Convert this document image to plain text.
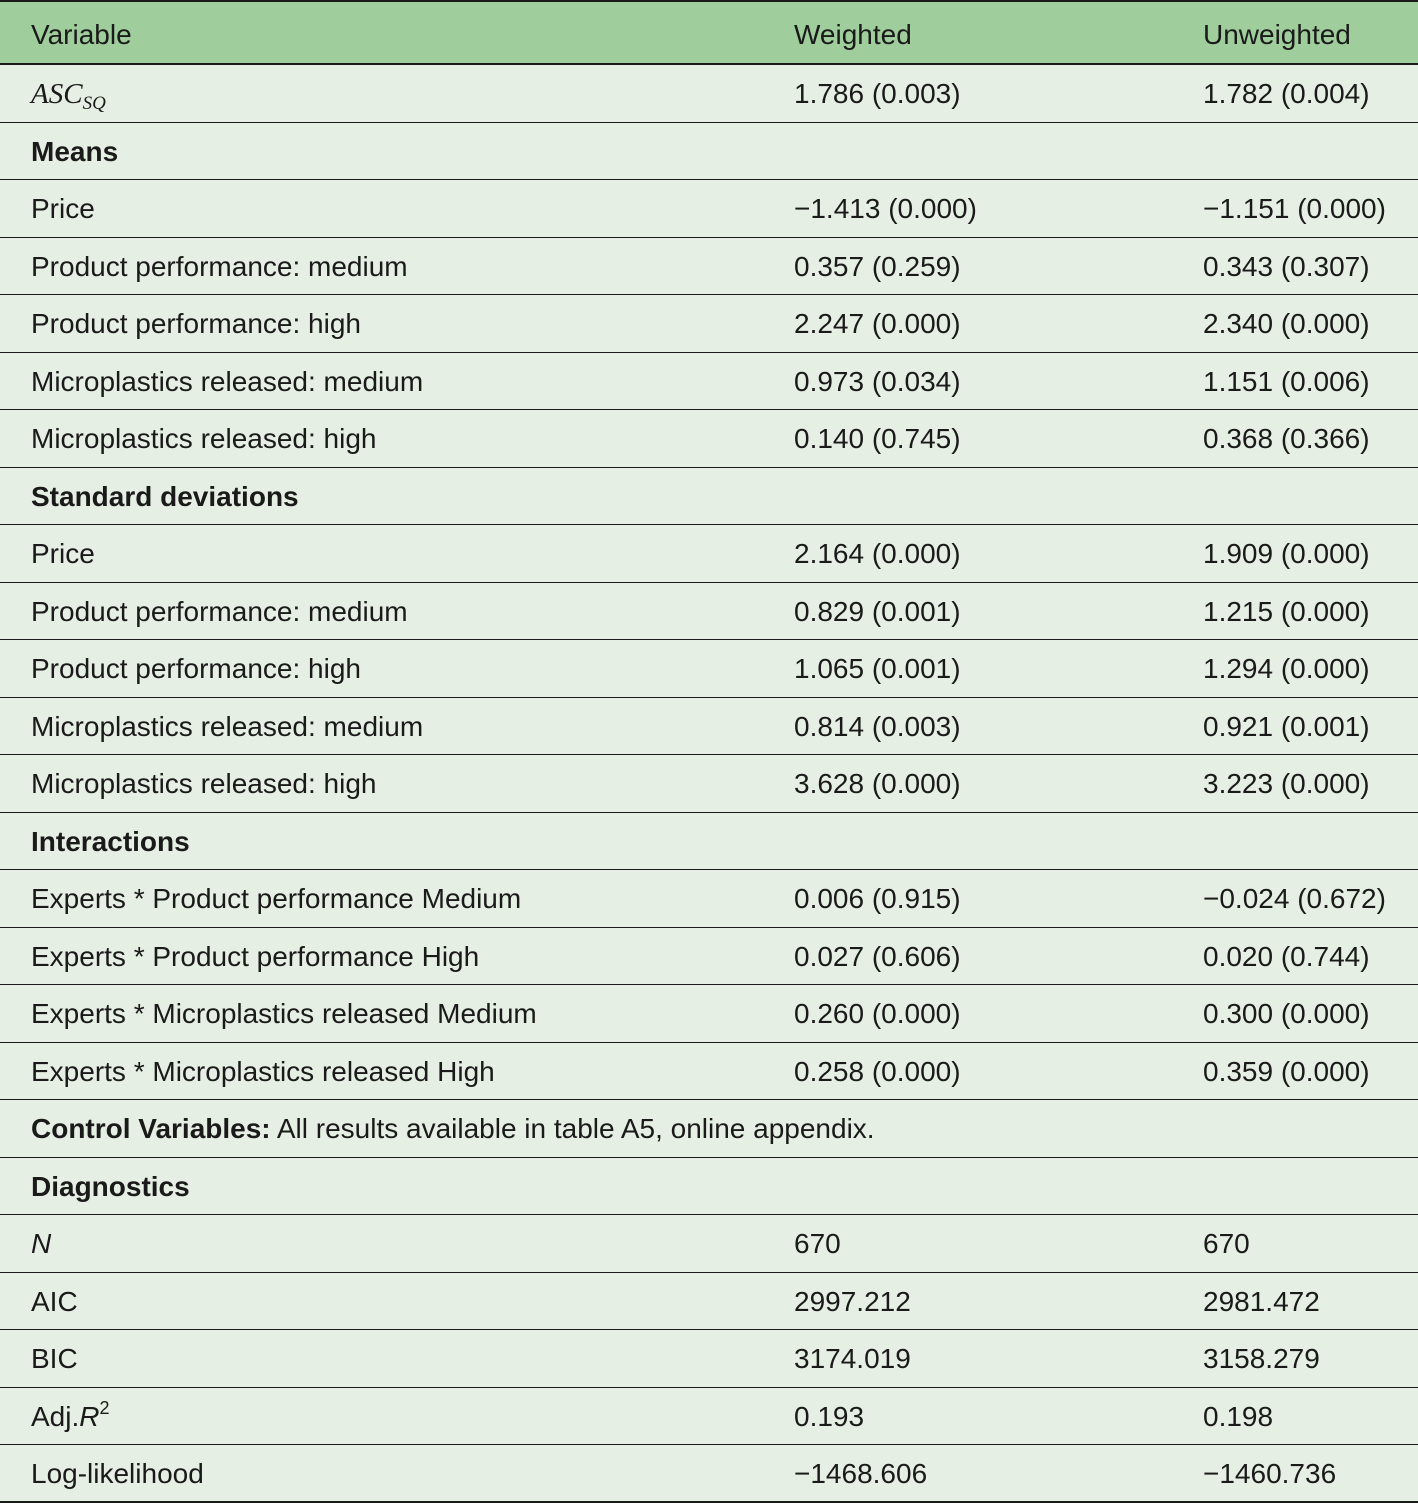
Variable	Weighted	Unweighted
$ASC_{SQ}$	1.786 (0.003)	1.782 (0.004)
Means
Price	−1.413 (0.000)	−1.151 (0.000)
Product performance: medium	0.357 (0.259)	0.343 (0.307)
Product performance: high	2.247 (0.000)	2.340 (0.000)
Microplastics released: medium	0.973 (0.034)	1.151 (0.006)
Microplastics released: high	0.140 (0.745)	0.368 (0.366)
Standard deviations
Price	2.164 (0.000)	1.909 (0.000)
Product performance: medium	0.829 (0.001)	1.215 (0.000)
Product performance: high	1.065 (0.001)	1.294 (0.000)
Microplastics released: medium	0.814 (0.003)	0.921 (0.001)
Microplastics released: high	3.628 (0.000)	3.223 (0.000)
Interactions
Experts * Product performance Medium	0.006 (0.915)	−0.024 (0.672)
Experts * Product performance High	0.027 (0.606)	0.020 (0.744)
Experts * Microplastics released Medium	0.260 (0.000)	0.300 (0.000)
Experts * Microplastics released High	0.258 (0.000)	0.359 (0.000)
Control Variables: All results available in table A5, online appendix.
Diagnostics
N	670	670
AIC	2997.212	2981.472
BIC	3174.019	3158.279
$Adj.R^2$	0.193	0.198
Log-likelihood	−1468.606	−1460.736
